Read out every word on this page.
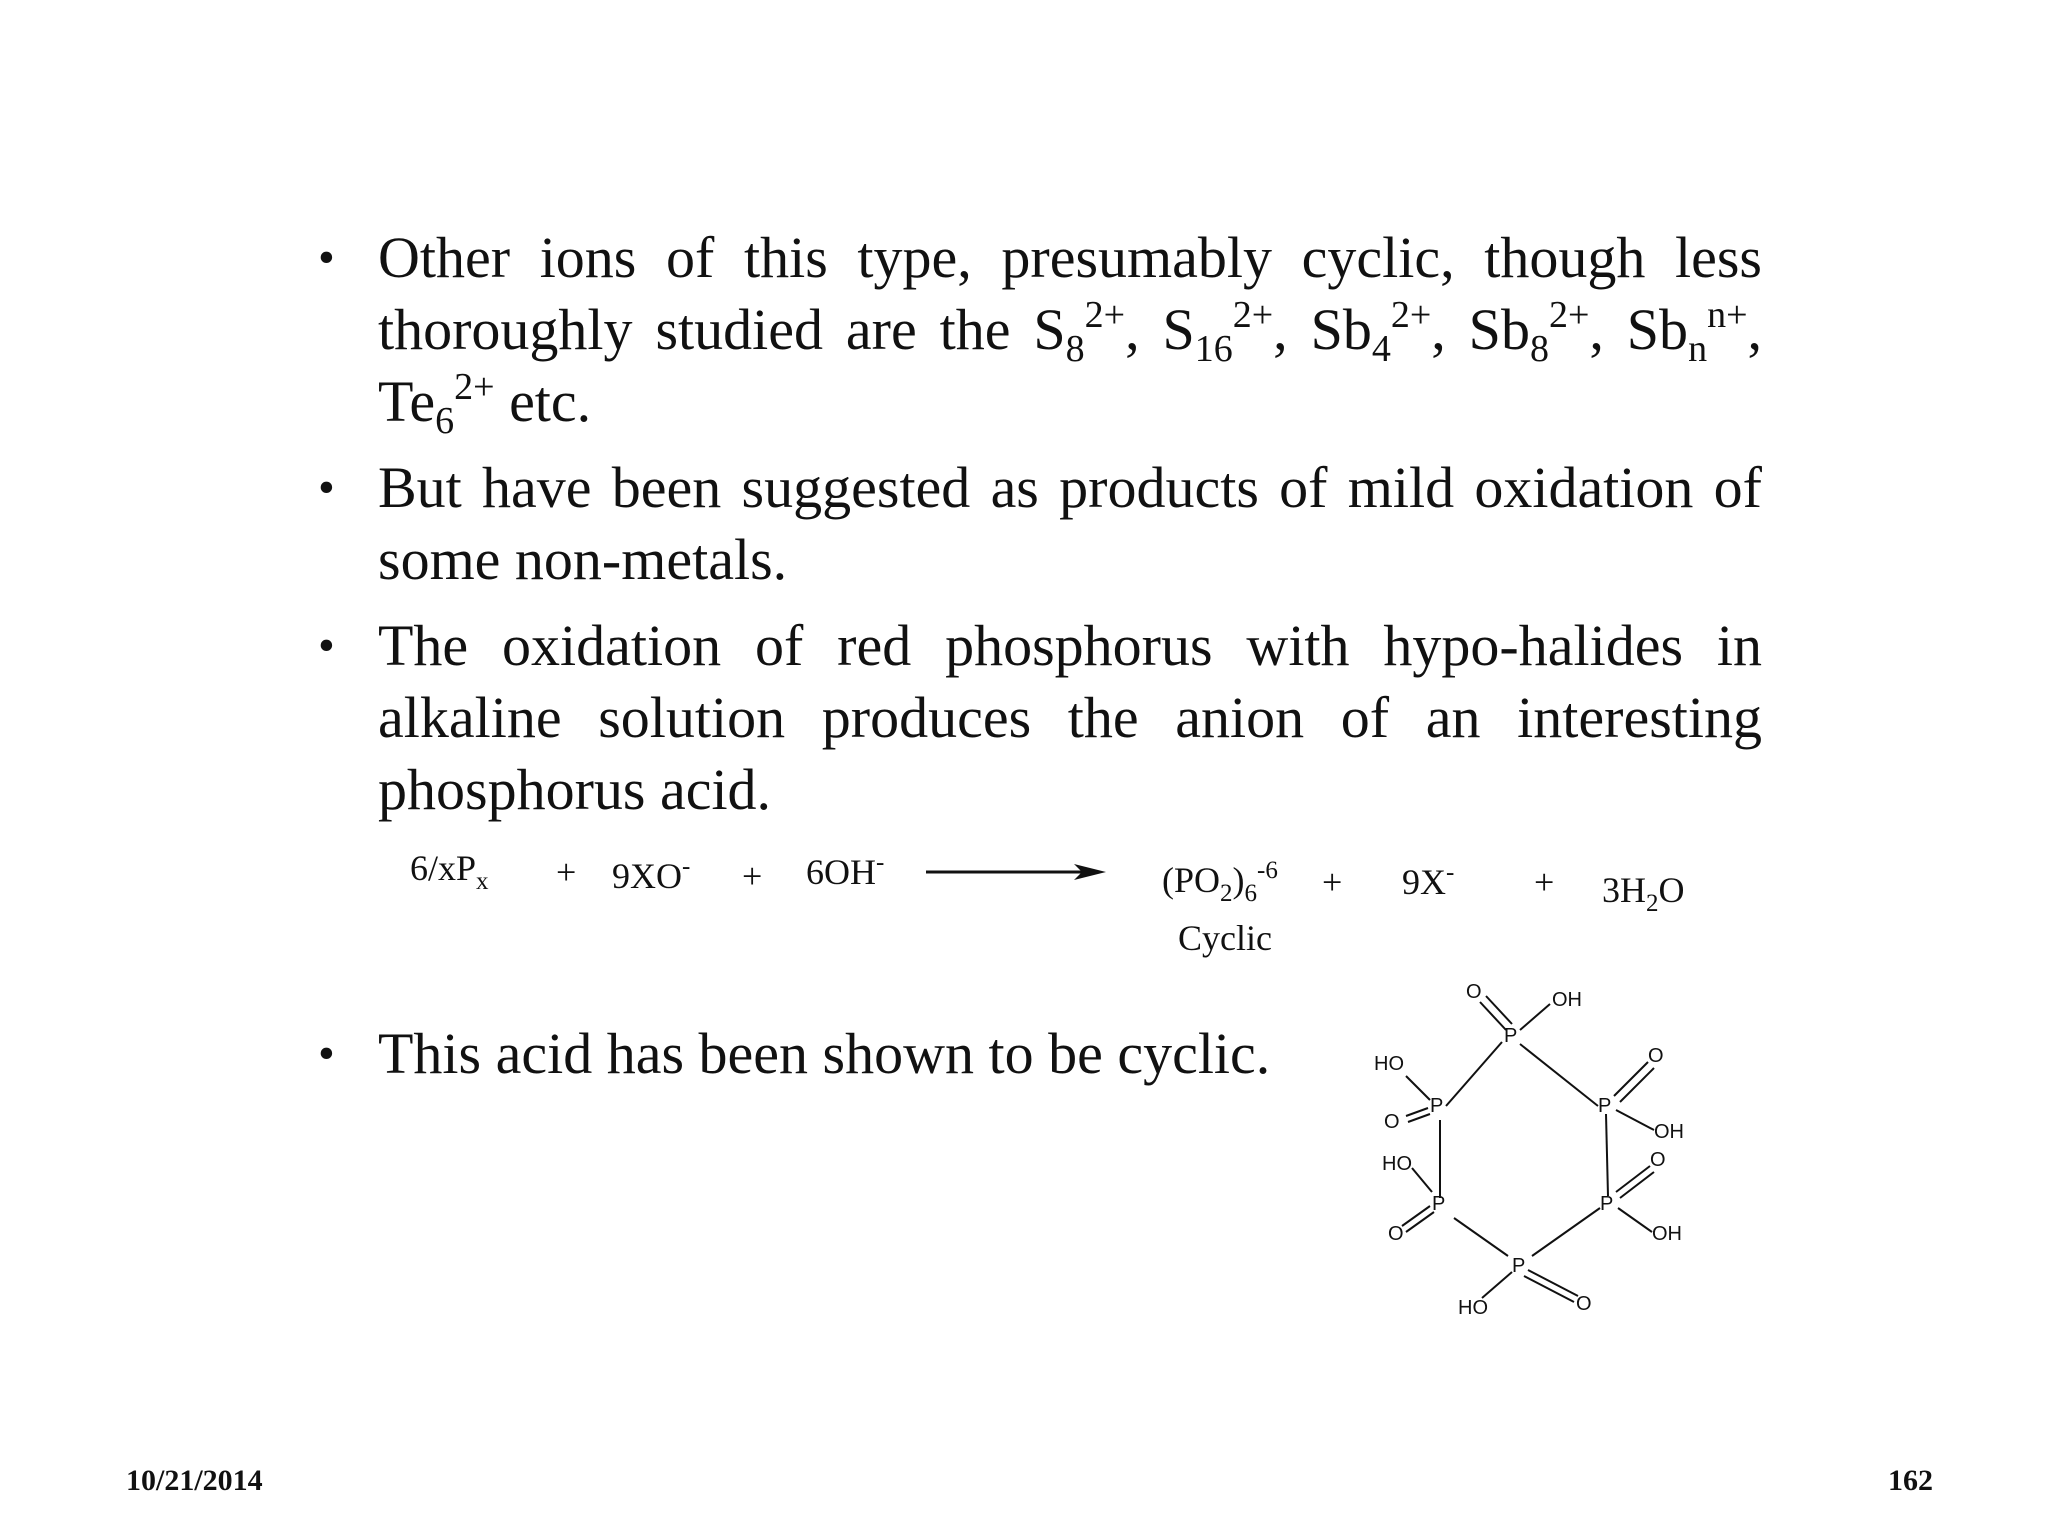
• Other ions of this type, presumably cyclic, though less thoroughly studied are the $S_8^{2+}$, $S_{16}^{2+}$, $Sb_4^{2+}$, $Sb_8^{2+}$, $Sb_n^{n+}$, $Te_6^{2+}$ etc.
• But have been suggested as products of mild oxidation of some non-metals.
• The oxidation of red phosphorus with hypo-halides in alkaline solution produces the anion of an interesting phosphorus acid.
$6/xP_x + 9XO^- + 6OH^-$	$(PO_2)_6^{-6}$
Cyclic
+ $9X^- + 3H_2O$
• This acid has been shown to be cyclic.	P
P
P
P
P
P
O	OH
O
OH
O
OH
O
HO
HO
O
HO
O
10/21/2014	162
